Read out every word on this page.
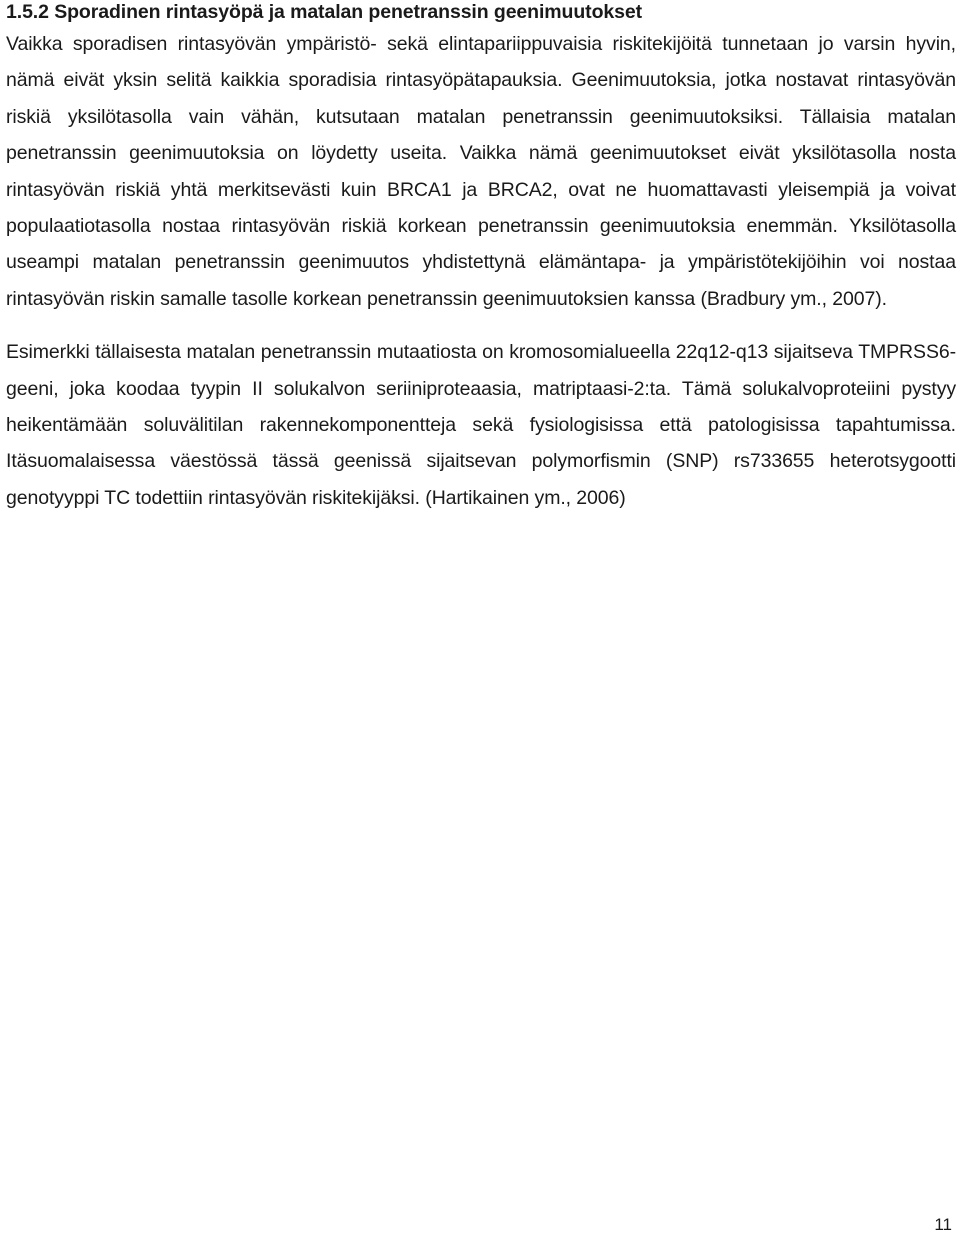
1.5.2 Sporadinen rintasyöpä ja matalan penetranssin geenimuutokset

Vaikka sporadisen rintasyövän ympäristö- sekä elintapariippuvaisia riskitekijöitä tunnetaan jo varsin hyvin, nämä eivät yksin selitä kaikkia sporadisia rintasyöpätapauksia. Geenimuutoksia, jotka nostavat rintasyövän riskiä yksilötasolla vain vähän, kutsutaan matalan penetranssin geenimuutoksiksi. Tällaisia matalan penetranssin geenimuutoksia on löydetty useita. Vaikka nämä geenimuutokset eivät yksilötasolla nosta rintasyövän riskiä yhtä merkitsevästi kuin BRCA1 ja BRCA2, ovat ne huomattavasti yleisempiä ja voivat populaatiotasolla nostaa rintasyövän riskiä korkean penetranssin geenimuutoksia enemmän. Yksilötasolla useampi matalan penetranssin geenimuutos yhdistettynä elämäntapa- ja ympäristötekijöihin voi nostaa rintasyövän riskin samalle tasolle korkean penetranssin geenimuutoksien kanssa (Bradbury ym., 2007).

Esimerkki tällaisesta matalan penetranssin mutaatiosta on kromosomialueella 22q12-q13 sijaitseva TMPRSS6-geeni, joka koodaa tyypin II solukalvon seriiniproteaasia, matriptaasi-2:ta. Tämä solukalvoproteiini pystyy heikentämään soluvälitilan rakennekomponentteja sekä fysiologisissa että patologisissa tapahtumissa. Itäsuomalaisessa väestössä tässä geenissä sijaitsevan polymorfismin (SNP) rs733655 heterotsygootti genotyyppi TC todettiin rintasyövän riskitekijäksi. (Hartikainen ym., 2006)

11
